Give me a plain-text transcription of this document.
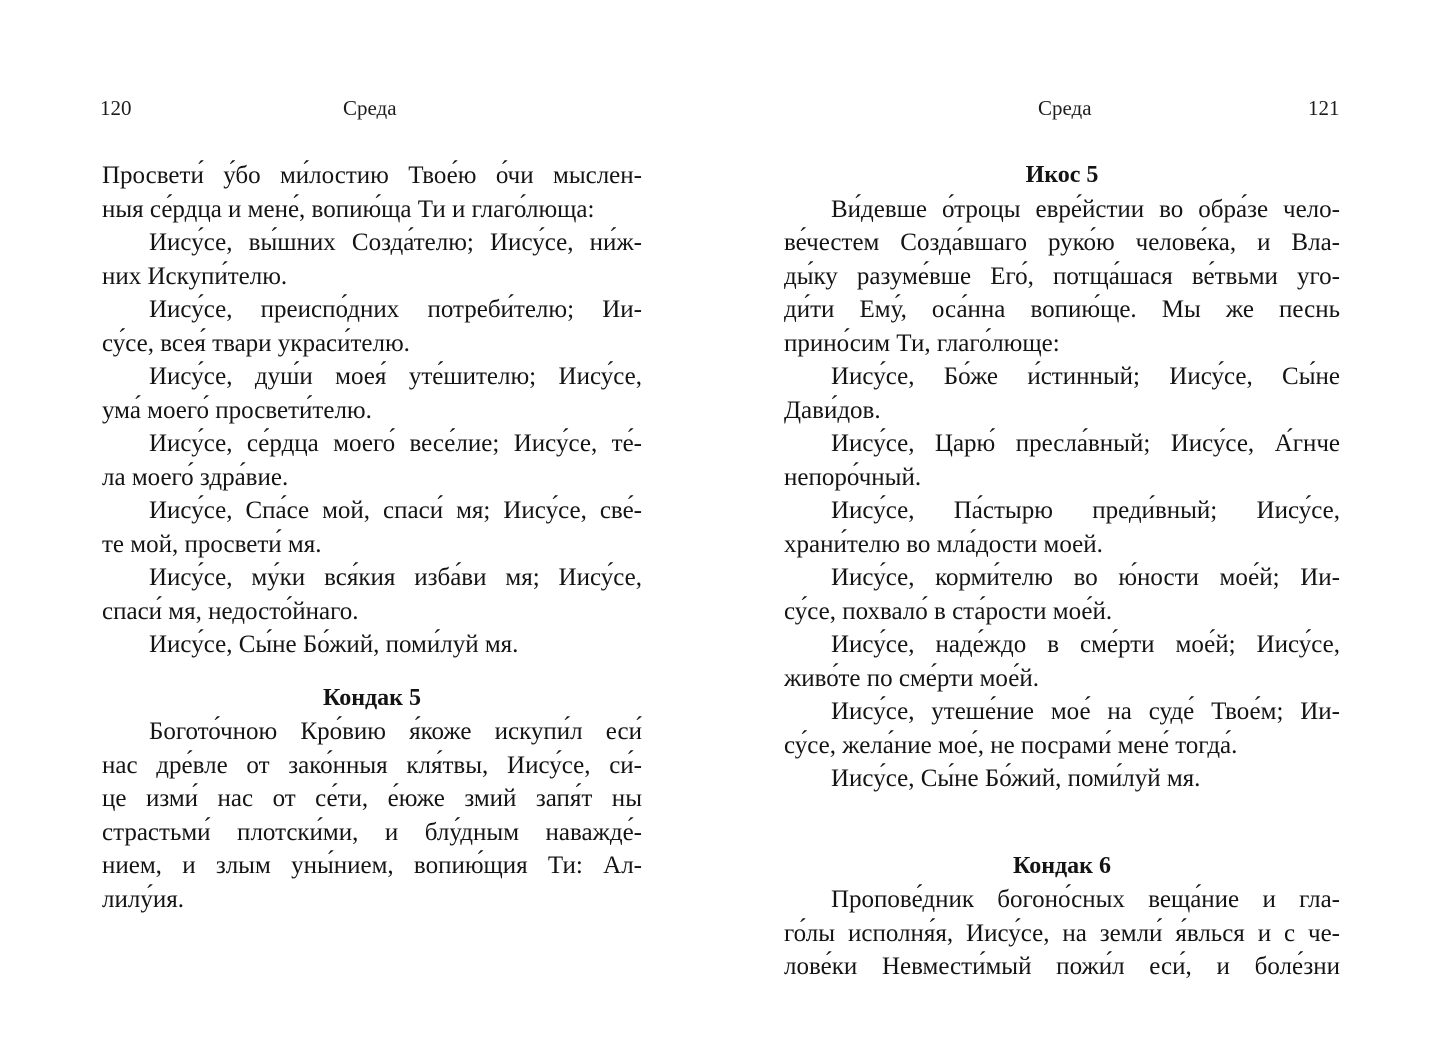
120	Среда
Просвети́ у́бо ми́лостию Твое́ю о́чи мыслен-
ныя се́рдца и мене́, вопию́ща Ти и глаго́люща:
Иису́се, вы́шних Созда́телю; Иису́се, ни́ж-
них Искупи́телю.
Иису́се, преиспо́дних потреби́телю; Ии-
су́се, всея́ твари украси́телю.
Иису́се, душ́и моея́ уте́шителю; Иису́се,
ума́ моего́ просвети́телю.
Иису́се, се́рдца моего́ весе́лие; Иису́се, те́-
ла моего́ здра́вие.
Иису́се, Спа́се мой, спаси́ мя; Иису́се, све́-
те мой, просвети́ мя.
Иису́се, му́ки вся́кия изба́ви мя; Иису́се,
спаси́ мя, недосто́йнаго.
Иису́се, Сы́не Бо́жий, поми́луй мя.
Кондак 5
Богото́чною Кро́вию я́коже искупи́л еси́
нас дре́вле от зако́нныя кля́твы, Иису́се, си́-
це изми́ нас от се́ти, е́юже змий запя́т ны
страстьми́ плотски́ми, и блу́дным наважде́-
нием, и злым уны́нием, вопию́щия Ти: Ал-
лилу́ия.
Среда	121
Икос 5
Ви́девше о́троцы евре́йстии во обра́зе чело-
ве́честем Созда́вшаго руко́ю челове́ка, и Вла-
ды́ку разуме́вше Его́, потща́шася ве́твьми уго-
ди́ти Ему́, оса́нна вопию́ще. Мы же песнь
прино́сим Ти, глаго́люще:
Иису́се, Бо́же и́стинный; Иису́се, Сы́не
Дави́дов.
Иису́се, Царю́ пресла́вный; Иису́се, А́гнче
непоро́чный.
Иису́се, Па́стырю преди́вный; Иису́се,
храни́телю во мла́дости моей.
Иису́се, корми́телю во ю́ности мое́й; Ии-
су́се, похвало́ в ста́рости мое́й.
Иису́се, наде́ждо в сме́рти мое́й; Иису́се,
живо́те по сме́рти мое́й.
Иису́се, утеше́ние мое́ на суде́ Твое́м; Ии-
су́се, жела́ние мое́, не посрами́ мене́ тогда́.
Иису́се, Сы́не Бо́жий, поми́луй мя.
Кондак 6
Пропове́дник богоно́сных веща́ние и гла-
го́лы исполня́я, Иису́се, на земли́ я́влься и с че-
лове́ки Невмести́мый пожи́л еси́, и боле́зни
